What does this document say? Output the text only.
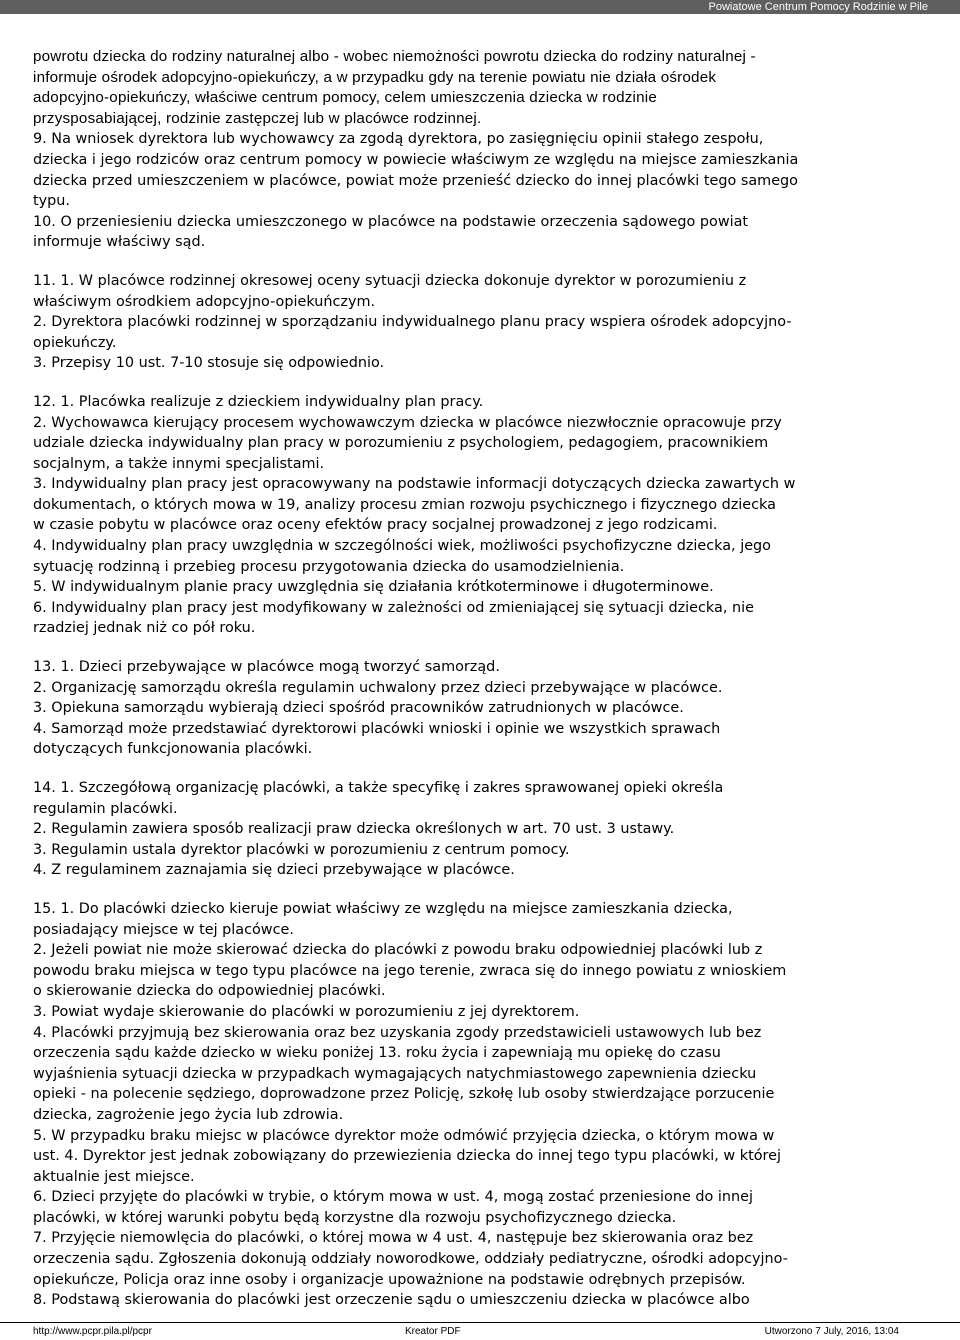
Powiatowe Centrum Pomocy Rodzinie w Pile
powrotu dziecka do rodziny naturalnej albo - wobec niemożności powrotu dziecka do rodziny naturalnej -
informuje ośrodek adopcyjno-opiekuńczy, a w przypadku gdy na terenie powiatu nie działa ośrodek
adopcyjno-opiekuńczy, właściwe centrum pomocy, celem umieszczenia dziecka w rodzinie
przysposabiającej, rodzinie zastępczej lub w placówce rodzinnej.
9. Na wniosek dyrektora lub wychowawcy za zgodą dyrektora, po zasięgnięciu opinii stałego zespołu,
dziecka i jego rodziców oraz centrum pomocy w powiecie właściwym ze względu na miejsce zamieszkania
dziecka przed umieszczeniem w placówce, powiat może przenieść dziecko do innej placówki tego samego
typu.
10. O przeniesieniu dziecka umieszczonego w placówce na podstawie orzeczenia sądowego powiat
informuje właściwy sąd.
11. 1. W placówce rodzinnej okresowej oceny sytuacji dziecka dokonuje dyrektor w porozumieniu z
właściwym ośrodkiem adopcyjno-opiekuńczym.
2. Dyrektora placówki rodzinnej w sporządzaniu indywidualnego planu pracy wspiera ośrodek adopcyjno-
opiekuńczy.
3. Przepisy 10 ust. 7-10 stosuje się odpowiednio.
12. 1. Placówka realizuje z dzieckiem indywidualny plan pracy.
2. Wychowawca kierujący procesem wychowawczym dziecka w placówce niezwłocznie opracowuje przy
udziale dziecka indywidualny plan pracy w porozumieniu z psychologiem, pedagogiem, pracownikiem
socjalnym, a także innymi specjalistami.
3. Indywidualny plan pracy jest opracowywany na podstawie informacji dotyczących dziecka zawartych w
dokumentach, o których mowa w 19, analizy procesu zmian rozwoju psychicznego i fizycznego dziecka
w czasie pobytu w placówce oraz oceny efektów pracy socjalnej prowadzonej z jego rodzicami.
4. Indywidualny plan pracy uwzględnia w szczególności wiek, możliwości psychofizyczne dziecka, jego
sytuację rodzinną i przebieg procesu przygotowania dziecka do usamodzielnienia.
5. W indywidualnym planie pracy uwzględnia się działania krótkoterminowe i długoterminowe.
6. Indywidualny plan pracy jest modyfikowany w zależności od zmieniającej się sytuacji dziecka, nie
rzadziej jednak niż co pół roku.
13. 1. Dzieci przebywające w placówce mogą tworzyć samorząd.
2. Organizację samorządu określa regulamin uchwalony przez dzieci przebywające w placówce.
3. Opiekuna samorządu wybierają dzieci spośród pracowników zatrudnionych w placówce.
4. Samorząd może przedstawiać dyrektorowi placówki wnioski i opinie we wszystkich sprawach
dotyczących funkcjonowania placówki.
14. 1. Szczegółową organizację placówki, a także specyfikę i zakres sprawowanej opieki określa
regulamin placówki.
2. Regulamin zawiera sposób realizacji praw dziecka określonych w art. 70 ust. 3 ustawy.
3. Regulamin ustala dyrektor placówki w porozumieniu z centrum pomocy.
4. Z regulaminem zaznajamia się dzieci przebywające w placówce.
15. 1. Do placówki dziecko kieruje powiat właściwy ze względu na miejsce zamieszkania dziecka,
posiadający miejsce w tej placówce.
2. Jeżeli powiat nie może skierować dziecka do placówki z powodu braku odpowiedniej placówki lub z
powodu braku miejsca w tego typu placówce na jego terenie, zwraca się do innego powiatu z wnioskiem
o skierowanie dziecka do odpowiedniej placówki.
3. Powiat wydaje skierowanie do placówki w porozumieniu z jej dyrektorem.
4. Placówki przyjmują bez skierowania oraz bez uzyskania zgody przedstawicieli ustawowych lub bez
orzeczenia sądu każde dziecko w wieku poniżej 13. roku życia i zapewniają mu opiekę do czasu
wyjaśnienia sytuacji dziecka w przypadkach wymagających natychmiastowego zapewnienia dziecku
opieki - na polecenie sędziego, doprowadzone przez Policję, szkołę lub osoby stwierdzające porzucenie
dziecka, zagrożenie jego życia lub zdrowia.
5. W przypadku braku miejsc w placówce dyrektor może odmówić przyjęcia dziecka, o którym mowa w
ust. 4. Dyrektor jest jednak zobowiązany do przewiezienia dziecka do innej tego typu placówki, w której
aktualnie jest miejsce.
6. Dzieci przyjęte do placówki w trybie, o którym mowa w ust. 4, mogą zostać przeniesione do innej
placówki, w której warunki pobytu będą korzystne dla rozwoju psychofizycznego dziecka.
7. Przyjęcie niemowlęcia do placówki, o której mowa w 4 ust. 4, następuje bez skierowania oraz bez
orzeczenia sądu. Zgłoszenia dokonują oddziały noworodkowe, oddziały pediatryczne, ośrodki adopcyjno-
opiekuńcze, Policja oraz inne osoby i organizacje upoważnione na podstawie odrębnych przepisów.
8. Podstawą skierowania do placówki jest orzeczenie sądu o umieszczeniu dziecka w placówce albo
http://www.pcpr.pila.pl/pcpr	Kreator PDF	Utworzono 7 July, 2016, 13:04
